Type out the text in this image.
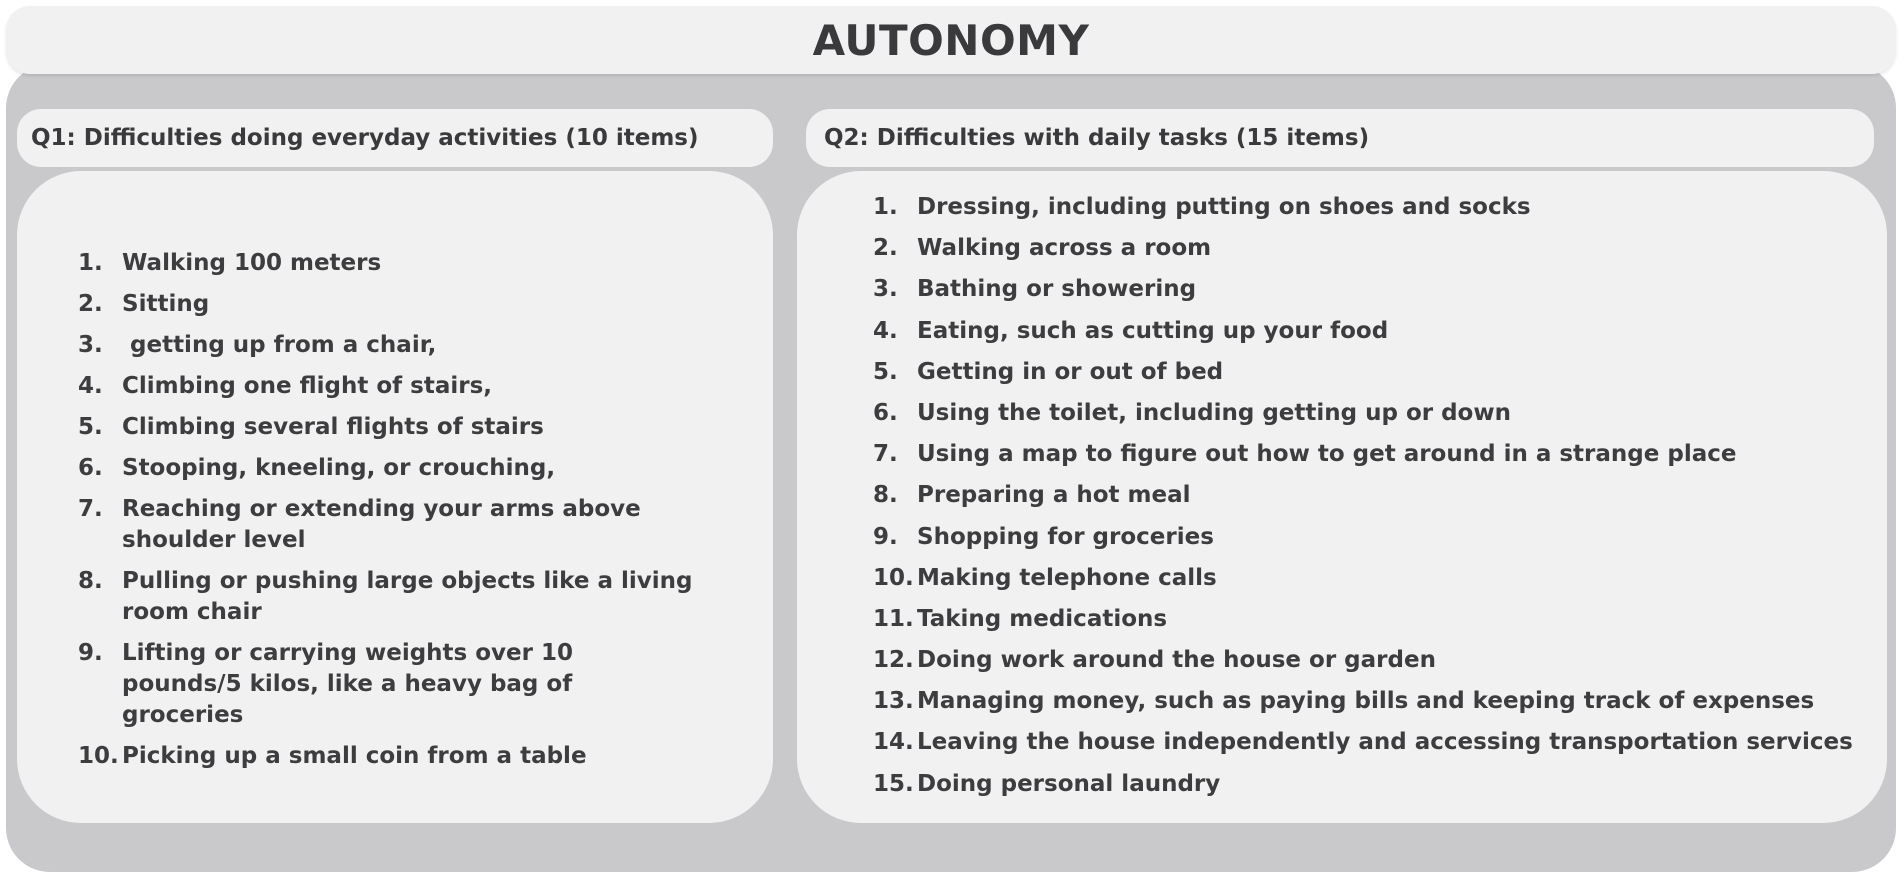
AUTONOMY
Q1: Difficulties doing everyday activities (10 items)	Q2: Difficulties with daily tasks (15 items)
1. Walking 100 meters
2. Sitting
3. getting up from a chair,
4. Climbing one flight of stairs,
5. Climbing several flights of stairs
6. Stooping, kneeling, or crouching,
7. Reaching or extending your arms above shoulder level
8. Pulling or pushing large objects like a living room chair
9. Lifting or carrying weights over 10 pounds/5 kilos, like a heavy bag of groceries
10. Picking up a small coin from a table
1. Dressing, including putting on shoes and socks
2. Walking across a room
3. Bathing or showering
4. Eating, such as cutting up your food
5. Getting in or out of bed
6. Using the toilet, including getting up or down
7. Using a map to figure out how to get around in a strange place
8. Preparing a hot meal
9. Shopping for groceries
10. Making telephone calls
11. Taking medications
12. Doing work around the house or garden
13. Managing money, such as paying bills and keeping track of expenses
14. Leaving the house independently and accessing transportation services
15. Doing personal laundry
